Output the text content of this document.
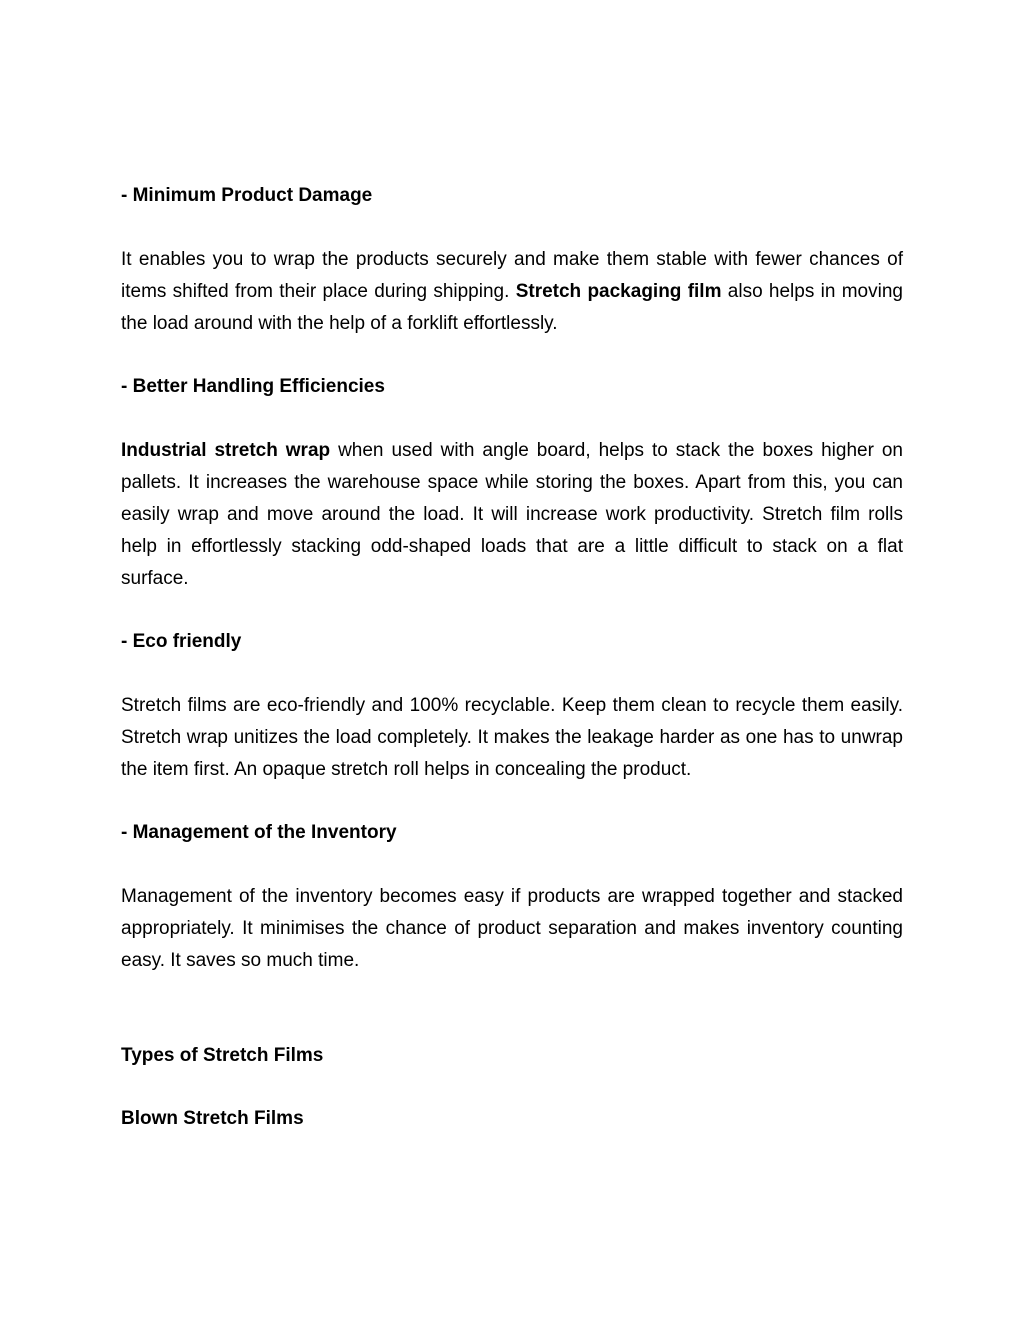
- Minimum Product Damage
It enables you to wrap the products securely and make them stable with fewer chances of items shifted from their place during shipping. Stretch packaging film also helps in moving the load around with the help of a forklift effortlessly.
- Better Handling Efficiencies
Industrial stretch wrap when used with angle board, helps to stack the boxes higher on pallets. It increases the warehouse space while storing the boxes. Apart from this, you can easily wrap and move around the load. It will increase work productivity. Stretch film rolls help in effortlessly stacking odd-shaped loads that are a little difficult to stack on a flat surface.
- Eco friendly
Stretch films are eco-friendly and 100% recyclable. Keep them clean to recycle them easily. Stretch wrap unitizes the load completely. It makes the leakage harder as one has to unwrap the item first. An opaque stretch roll helps in concealing the product.
- Management of the Inventory
Management of the inventory becomes easy if products are wrapped together and stacked appropriately. It minimises the chance of product separation and makes inventory counting easy. It saves so much time.
Types of Stretch Films
Blown Stretch Films
